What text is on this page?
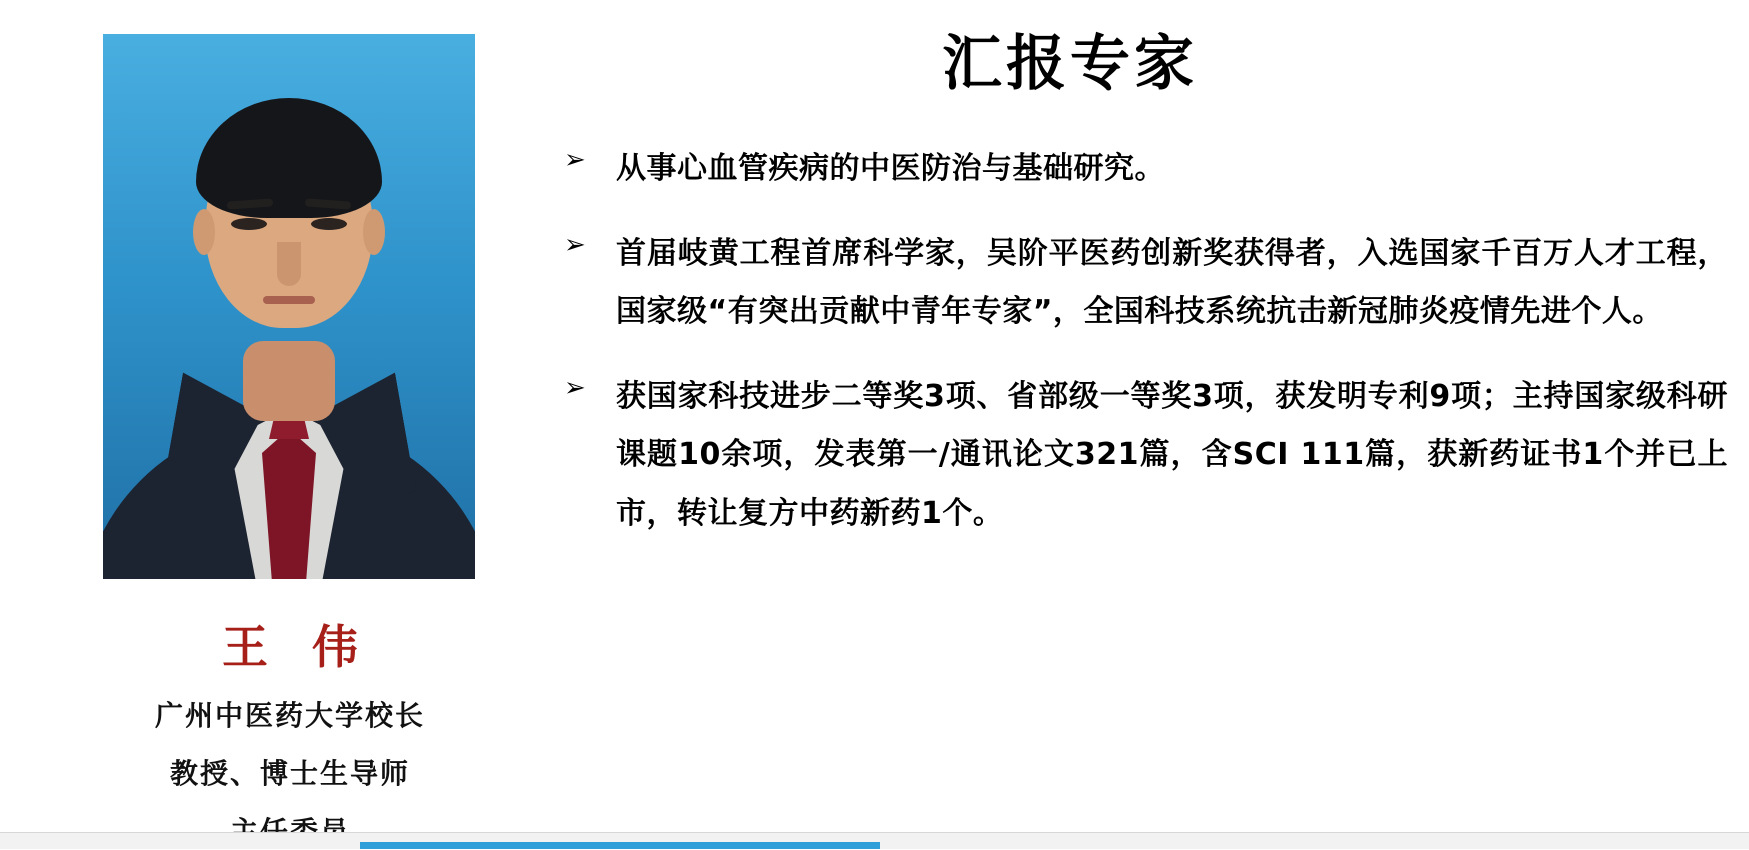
王 伟
广州中医药大学校长
教授、博士生导师
汇报专家
➢ 从事心血管疾病的中医防治与基础研究。
➢ 首届岐黄工程首席科学家，吴阶平医药创新奖获得者，入选国家千百万人才工程，国家级“有突出贡献中青年专家”，全国科技系统抗击新冠肺炎疫情先进个人。
➢ 获国家科技进步二等奖3项、省部级一等奖3项，获发明专利9项；主持国家级科研课题10余项，发表第一/通讯论文321篇，含SCI 111篇，获新药证书1个并已上市，转让复方中药新药1个。
